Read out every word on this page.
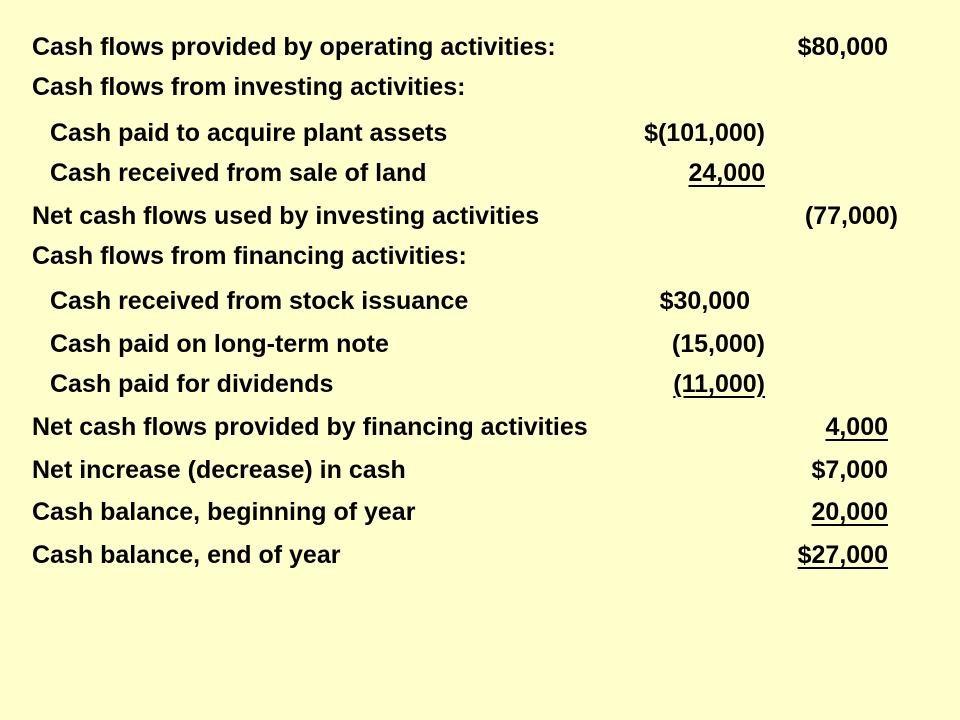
Cash flows provided by operating activities:	$80,000
Cash flows from investing activities:
Cash paid to acquire plant assets	$(101,000)
Cash received from sale of land	24,000
Net cash flows used by investing activities	(77,000)
Cash flows from financing activities:
Cash received from stock issuance	$30,000
Cash paid on long-term note	(15,000)
Cash paid for dividends	(11,000)
Net cash flows provided by financing activities	4,000
Net increase (decrease) in cash	$7,000
Cash balance, beginning of year	20,000
Cash balance, end of year	$27,000
